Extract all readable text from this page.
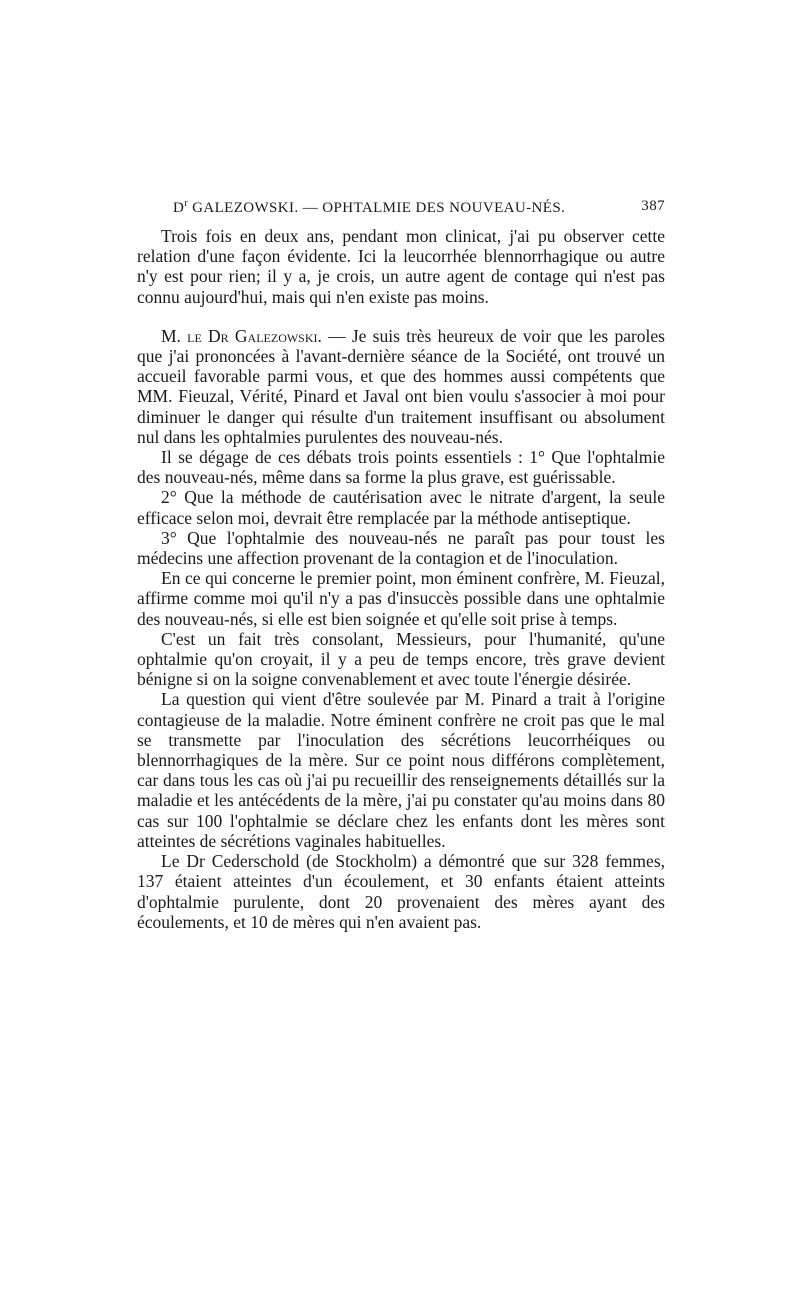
$D^r$ GALEZOWSKI. — OPHTALMIE DES NOUVEAU-NÉS.	387

Trois fois en deux ans, pendant mon clinicat, j'ai pu observer cette relation d'une façon évidente. Ici la leucorrhée blennorrhagique ou autre n'y est pour rien; il y a, je crois, un autre agent de contage qui n'est pas connu aujourd'hui, mais qui n'en existe pas moins.

M. le Dr Galezowski. — Je suis très heureux de voir que les paroles que j'ai prononcées à l'avant-dernière séance de la Société, ont trouvé un accueil favorable parmi vous, et que des hommes aussi compétents que MM. Fieuzal, Vérité, Pinard et Javal ont bien voulu s'associer à moi pour diminuer le danger qui résulte d'un traitement insuffisant ou absolument nul dans les ophtalmies purulentes des nouveau-nés.

Il se dégage de ces débats trois points essentiels : 1° Que l'ophtalmie des nouveau-nés, même dans sa forme la plus grave, est guérissable.

2° Que la méthode de cautérisation avec le nitrate d'argent, la seule efficace selon moi, devrait être remplacée par la méthode antiseptique.

3° Que l'ophtalmie des nouveau-nés ne paraît pas pour toust les médecins une affection provenant de la contagion et de l'inoculation.

En ce qui concerne le premier point, mon éminent confrère, M. Fieuzal, affirme comme moi qu'il n'y a pas d'insuccès possible dans une ophtalmie des nouveau-nés, si elle est bien soignée et qu'elle soit prise à temps.

C'est un fait très consolant, Messieurs, pour l'humanité, qu'une ophtalmie qu'on croyait, il y a peu de temps encore, très grave devient bénigne si on la soigne convenablement et avec toute l'énergie désirée.

La question qui vient d'être soulevée par M. Pinard a trait à l'origine contagieuse de la maladie. Notre éminent confrère ne croit pas que le mal se transmette par l'inoculation des sécrétions leucorrhéiques ou blennorrhagiques de la mère. Sur ce point nous différons complètement, car dans tous les cas où j'ai pu recueillir des renseignements détaillés sur la maladie et les antécédents de la mère, j'ai pu constater qu'au moins dans 80 cas sur 100 l'ophtalmie se déclare chez les enfants dont les mères sont atteintes de sécrétions vaginales habituelles.

Le Dr Cederschold (de Stockholm) a démontré que sur 328 femmes, 137 étaient atteintes d'un écoulement, et 30 enfants étaient atteints d'ophtalmie purulente, dont 20 provenaient des mères ayant des écoulements, et 10 de mères qui n'en avaient pas.
